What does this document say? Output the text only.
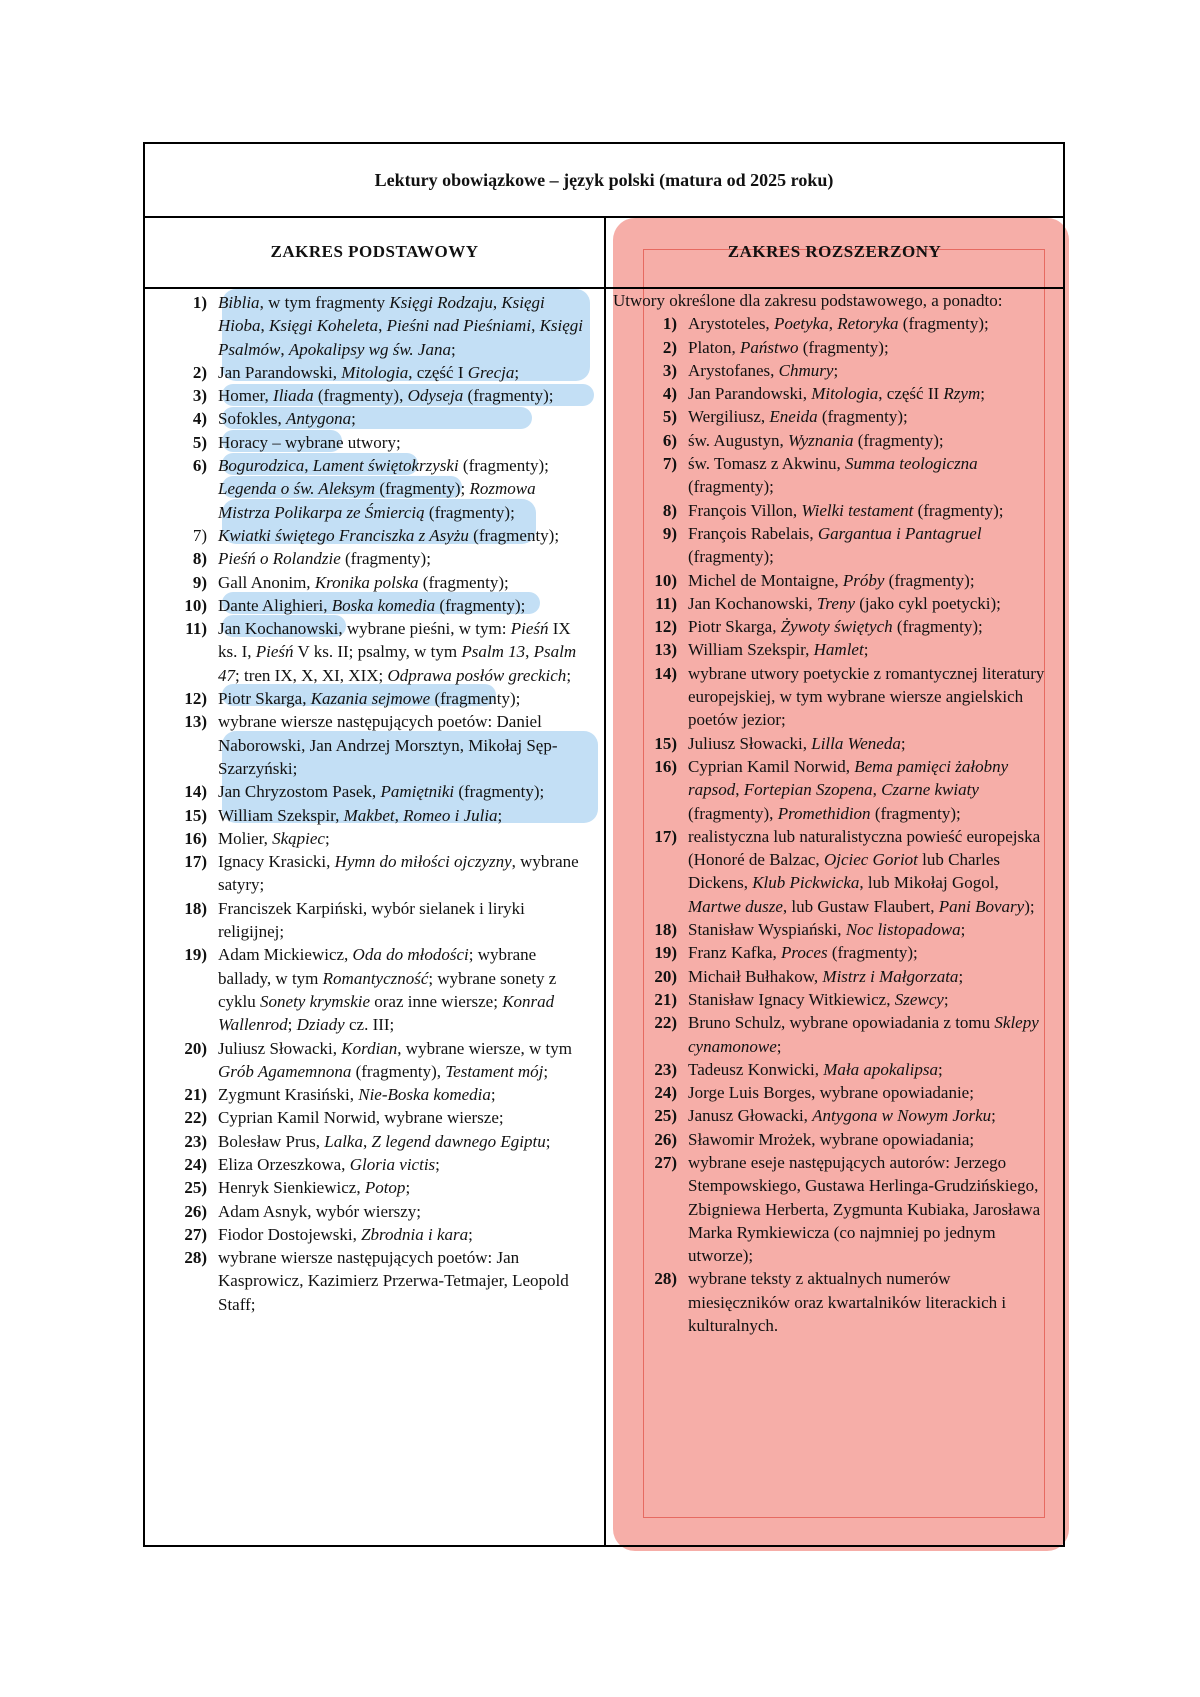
Lektury obowiązkowe – język polski (matura od 2025 roku)
ZAKRES PODSTAWOWY	ZAKRES ROZSZERZONY
1) Biblia, w tym fragmenty Księgi Rodzaju, Księgi Hioba, Księgi Koheleta, Pieśni nad Pieśniami, Księgi Psalmów, Apokalipsy wg św. Jana;
2) Jan Parandowski, Mitologia, część I Grecja;
3) Homer, Iliada (fragmenty), Odyseja (fragmenty);
4) Sofokles, Antygona;
5) Horacy – wybrane utwory;
6) Bogurodzica, Lament świętokrzyski (fragmenty); Legenda o św. Aleksym (fragmenty); Rozmowa Mistrza Polikarpa ze Śmiercią (fragmenty);
7) Kwiatki świętego Franciszka z Asyżu (fragmenty);
8) Pieśń o Rolandzie (fragmenty);
9) Gall Anonim, Kronika polska (fragmenty);
10) Dante Alighieri, Boska komedia (fragmenty);
11) Jan Kochanowski, wybrane pieśni, w tym: Pieśń IX ks. I, Pieśń V ks. II; psalmy, w tym Psalm 13, Psalm 47; tren IX, X, XI, XIX; Odprawa posłów greckich;
12) Piotr Skarga, Kazania sejmowe (fragmenty);
13) wybrane wiersze następujących poetów: Daniel Naborowski, Jan Andrzej Morsztyn, Mikołaj Sęp-Szarzyński;
14) Jan Chryzostom Pasek, Pamiętniki (fragmenty);
15) William Szekspir, Makbet, Romeo i Julia;
16) Molier, Skąpiec;
17) Ignacy Krasicki, Hymn do miłości ojczyzny, wybrane satyry;
18) Franciszek Karpiński, wybór sielanek i liryki religijnej;
19) Adam Mickiewicz, Oda do młodości; wybrane ballady, w tym Romantyczność; wybrane sonety z cyklu Sonety krymskie oraz inne wiersze; Konrad Wallenrod; Dziady cz. III;
20) Juliusz Słowacki, Kordian, wybrane wiersze, w tym Grób Agamemnona (fragmenty), Testament mój;
21) Zygmunt Krasiński, Nie-Boska komedia;
22) Cyprian Kamil Norwid, wybrane wiersze;
23) Bolesław Prus, Lalka, Z legend dawnego Egiptu;
24) Eliza Orzeszkowa, Gloria victis;
25) Henryk Sienkiewicz, Potop;
26) Adam Asnyk, wybór wierszy;
27) Fiodor Dostojewski, Zbrodnia i kara;
28) wybrane wiersze następujących poetów: Jan Kasprowicz, Kazimierz Przerwa-Tetmajer, Leopold Staff;
Utwory określone dla zakresu podstawowego, a ponadto:
1) Arystoteles, Poetyka, Retoryka (fragmenty);
2) Platon, Państwo (fragmenty);
3) Arystofanes, Chmury;
4) Jan Parandowski, Mitologia, część II Rzym;
5) Wergiliusz, Eneida (fragmenty);
6) św. Augustyn, Wyznania (fragmenty);
7) św. Tomasz z Akwinu, Summa teologiczna (fragmenty);
8) François Villon, Wielki testament (fragmenty);
9) François Rabelais, Gargantua i Pantagruel (fragmenty);
10) Michel de Montaigne, Próby (fragmenty);
11) Jan Kochanowski, Treny (jako cykl poetycki);
12) Piotr Skarga, Żywoty świętych (fragmenty);
13) William Szekspir, Hamlet;
14) wybrane utwory poetyckie z romantycznej literatury europejskiej, w tym wybrane wiersze angielskich poetów jezior;
15) Juliusz Słowacki, Lilla Weneda;
16) Cyprian Kamil Norwid, Bema pamięci żałobny rapsod, Fortepian Szopena, Czarne kwiaty (fragmenty), Promethidion (fragmenty);
17) realistyczna lub naturalistyczna powieść europejska (Honoré de Balzac, Ojciec Goriot lub Charles Dickens, Klub Pickwicka, lub Mikołaj Gogol, Martwe dusze, lub Gustaw Flaubert, Pani Bovary);
18) Stanisław Wyspiański, Noc listopadowa;
19) Franz Kafka, Proces (fragmenty);
20) Michaił Bułhakow, Mistrz i Małgorzata;
21) Stanisław Ignacy Witkiewicz, Szewcy;
22) Bruno Schulz, wybrane opowiadania z tomu Sklepy cynamonowe;
23) Tadeusz Konwicki, Mała apokalipsa;
24) Jorge Luis Borges, wybrane opowiadanie;
25) Janusz Głowacki, Antygona w Nowym Jorku;
26) Sławomir Mrożek, wybrane opowiadania;
27) wybrane eseje następujących autorów: Jerzego Stempowskiego, Gustawa Herlinga-Grudzińskiego, Zbigniewa Herberta, Zygmunta Kubiaka, Jarosława Marka Rymkiewicza (co najmniej po jednym utworze);
28) wybrane teksty z aktualnych numerów miesięczników oraz kwartalników literackich i kulturalnych.
